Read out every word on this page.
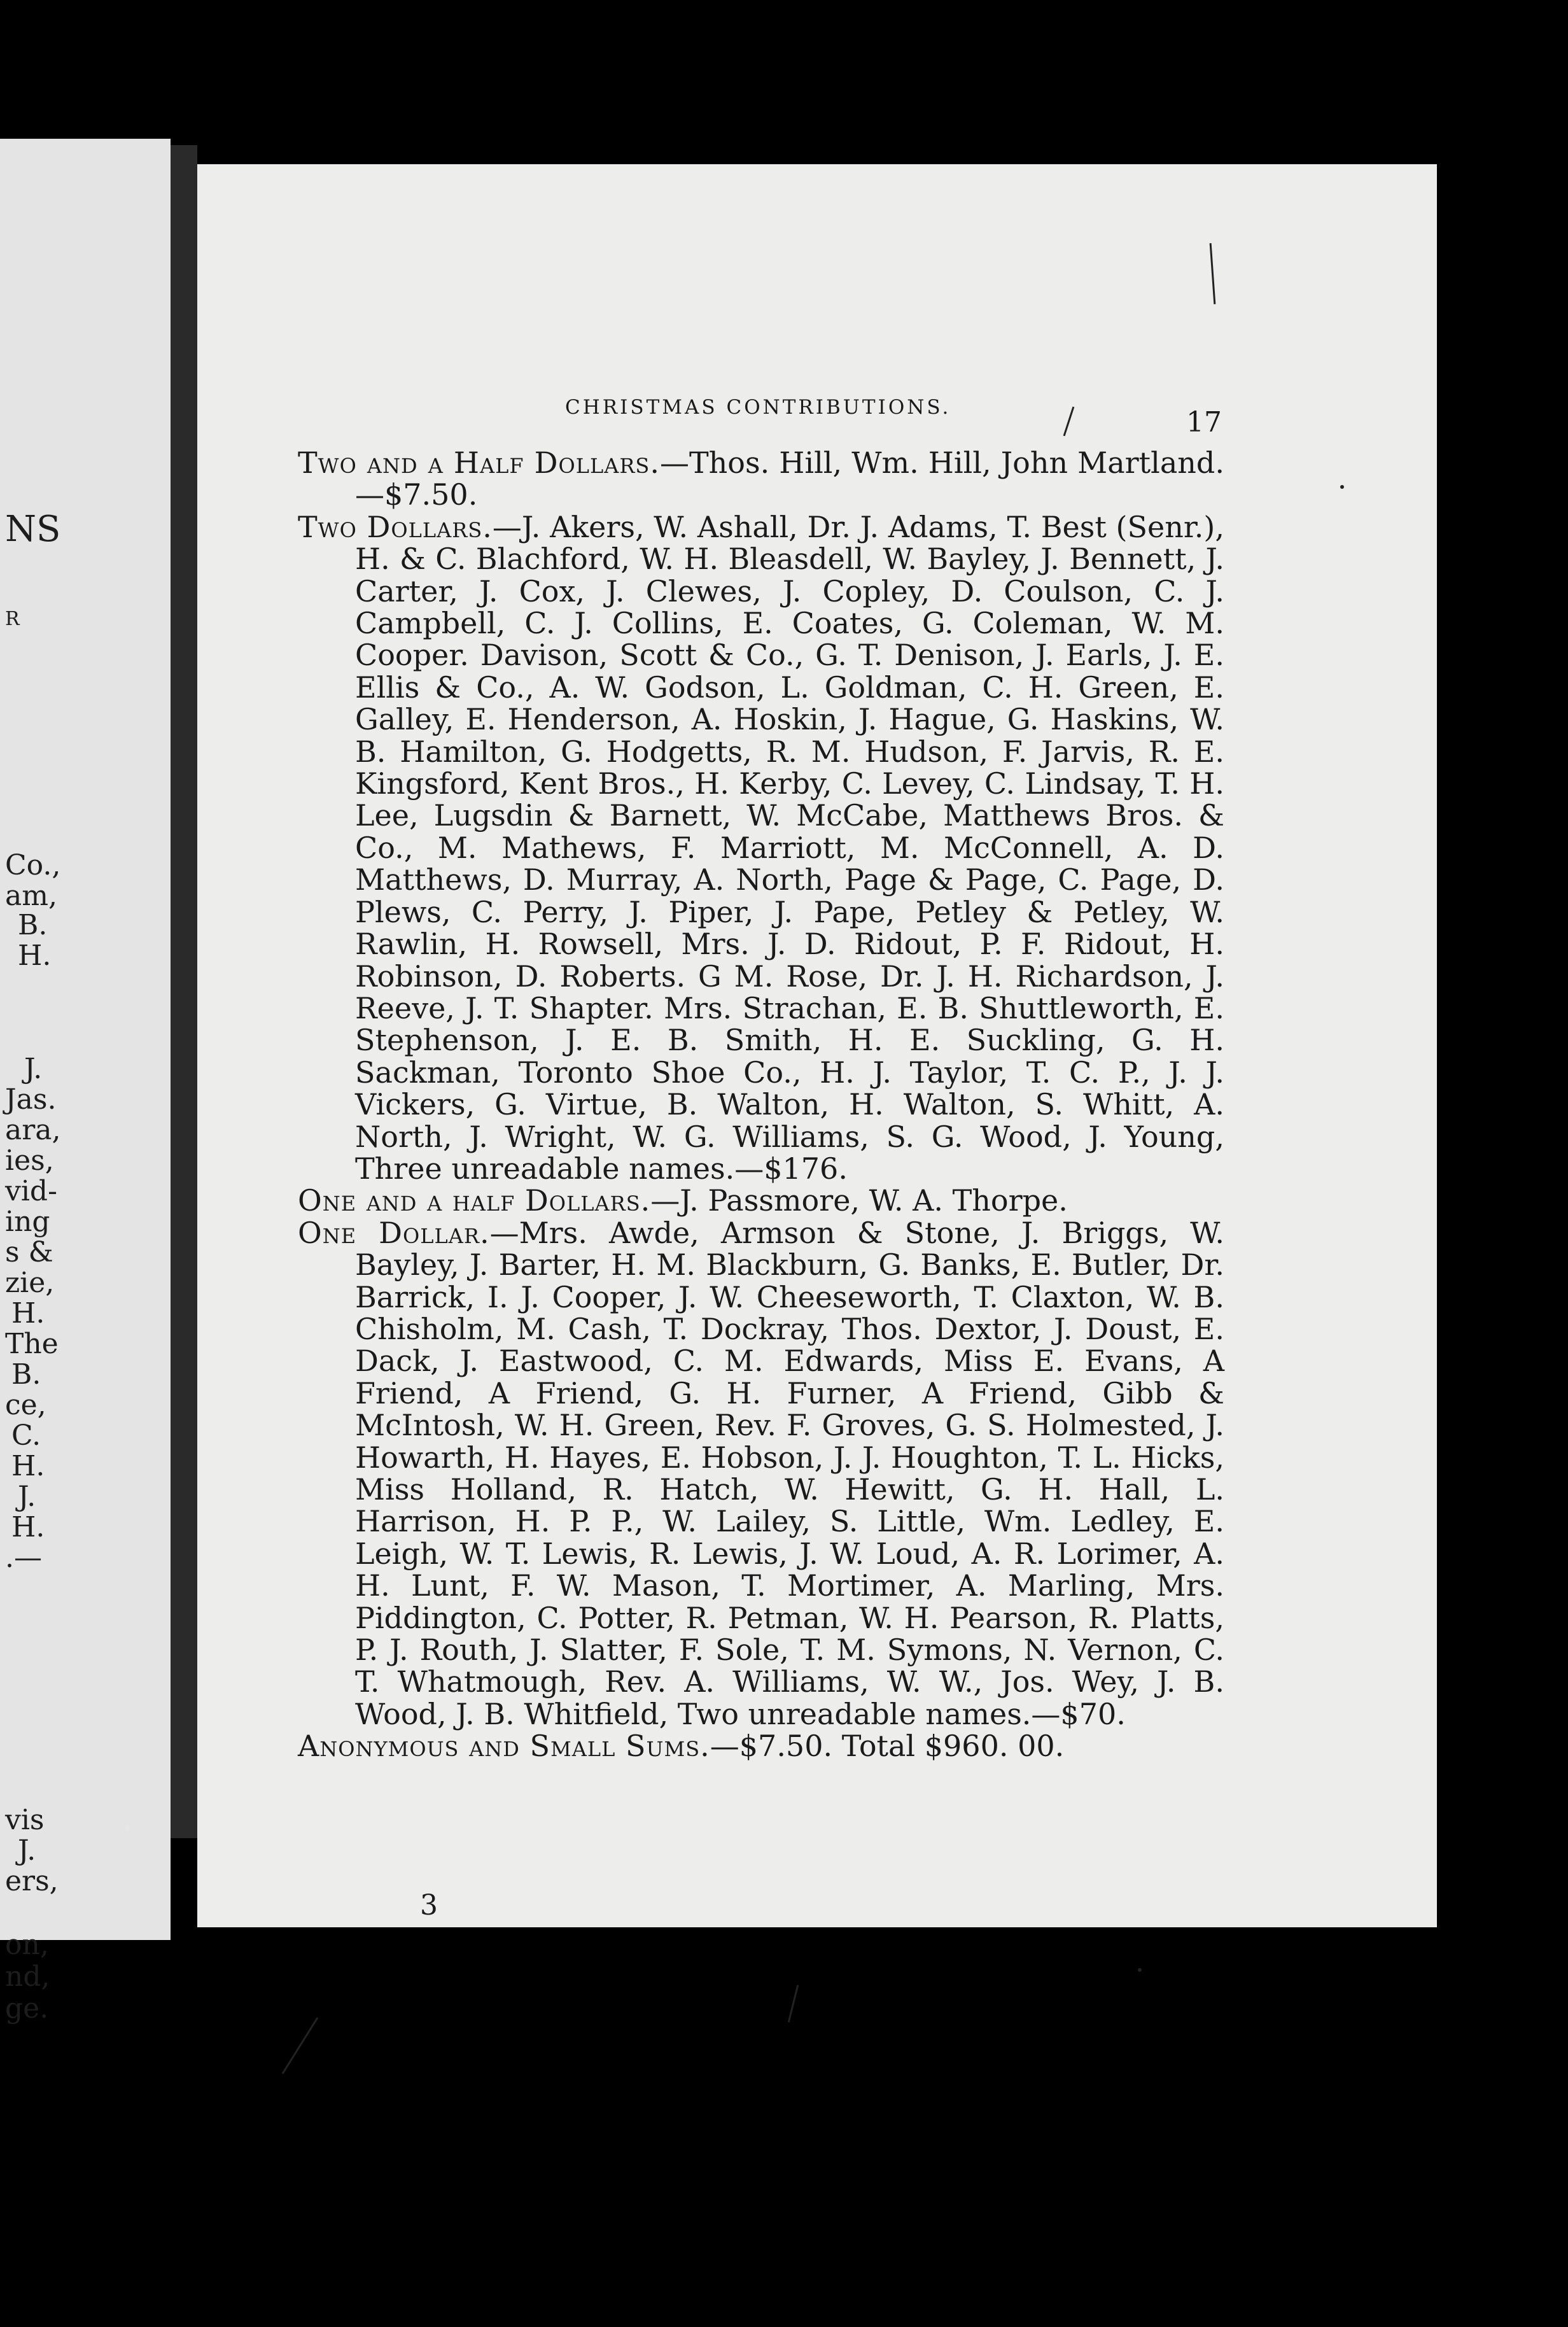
NS
R
Co.,
am,
B.
H.
J.
Jas.
ara,
ies,
vid-
ing
s &
zie,
H.
The
B.
ce,
C.
H.
J.
H.
.—
vis
J.
ers,
on,
nd,
ge.
CHRISTMAS CONTRIBUTIONS.	17

Two and a Half Dollars.—Thos. Hill, Wm. Hill, John Martland.—$7.50.

Two Dollars.—J. Akers, W. Ashall, Dr. J. Adams, T. Best (Senr.), H. & C. Blachford, W. H. Bleasdell, W. Bayley, J. Bennett, J. Carter, J. Cox, J. Clewes, J. Copley, D. Coulson, C. J. Campbell, C. J. Collins, E. Coates, G. Coleman, W. M. Cooper. Davison, Scott & Co., G. T. Denison, J. Earls, J. E. Ellis & Co., A. W. Godson, L. Goldman, C. H. Green, E. Galley, E. Henderson, A. Hoskin, J. Hague, G. Haskins, W. B. Hamilton, G. Hodgetts, R. M. Hudson, F. Jarvis, R. E. Kingsford, Kent Bros., H. Kerby, C. Levey, C. Lindsay, T. H. Lee, Lugsdin & Barnett, W. McCabe, Matthews Bros. & Co., M. Mathews, F. Marriott, M. McConnell, A. D. Matthews, D. Murray, A. North, Page & Page, C. Page, D. Plews, C. Perry, J. Piper, J. Pape, Petley & Petley, W. Rawlin, H. Rowsell, Mrs. J. D. Ridout, P. F. Ridout, H. Robinson, D. Roberts. G M. Rose, Dr. J. H. Richardson, J. Reeve, J. T. Shapter. Mrs. Strachan, E. B. Shuttleworth, E. Stephenson, J. E. B. Smith, H. E. Suckling, G. H. Sackman, Toronto Shoe Co., H. J. Taylor, T. C. P., J. J. Vickers, G. Virtue, B. Walton, H. Walton, S. Whitt, A. North, J. Wright, W. G. Williams, S. G. Wood, J. Young, Three unreadable names.—$176.

One and a half Dollars.—J. Passmore, W. A. Thorpe.

One Dollar.—Mrs. Awde, Armson & Stone, J. Briggs, W. Bayley, J. Barter, H. M. Blackburn, G. Banks, E. Butler, Dr. Barrick, I. J. Cooper, J. W. Cheeseworth, T. Claxton, W. B. Chisholm, M. Cash, T. Dockray, Thos. Dextor, J. Doust, E. Dack, J. Eastwood, C. M. Edwards, Miss E. Evans, A Friend, A Friend, G. H. Furner, A Friend, Gibb & McIntosh, W. H. Green, Rev. F. Groves, G. S. Holmested, J. Howarth, H. Hayes, E. Hobson, J. J. Houghton, T. L. Hicks, Miss Holland, R. Hatch, W. Hewitt, G. H. Hall, L. Harrison, H. P. P., W. Lailey, S. Little, Wm. Ledley, E. Leigh, W. T. Lewis, R. Lewis, J. W. Loud, A. R. Lorimer, A. H. Lunt, F. W. Mason, T. Mortimer, A. Marling, Mrs. Piddington, C. Potter, R. Petman, W. H. Pearson, R. Platts, P. J. Routh, J. Slatter, F. Sole, T. M. Symons, N. Vernon, C. T. Whatmough, Rev. A. Williams, W. W., Jos. Wey, J. B. Wood, J. B. Whitfield, Two unreadable names.—$70.

Anonymous and Small Sums.—$7.50. Total $960. 00.

3
